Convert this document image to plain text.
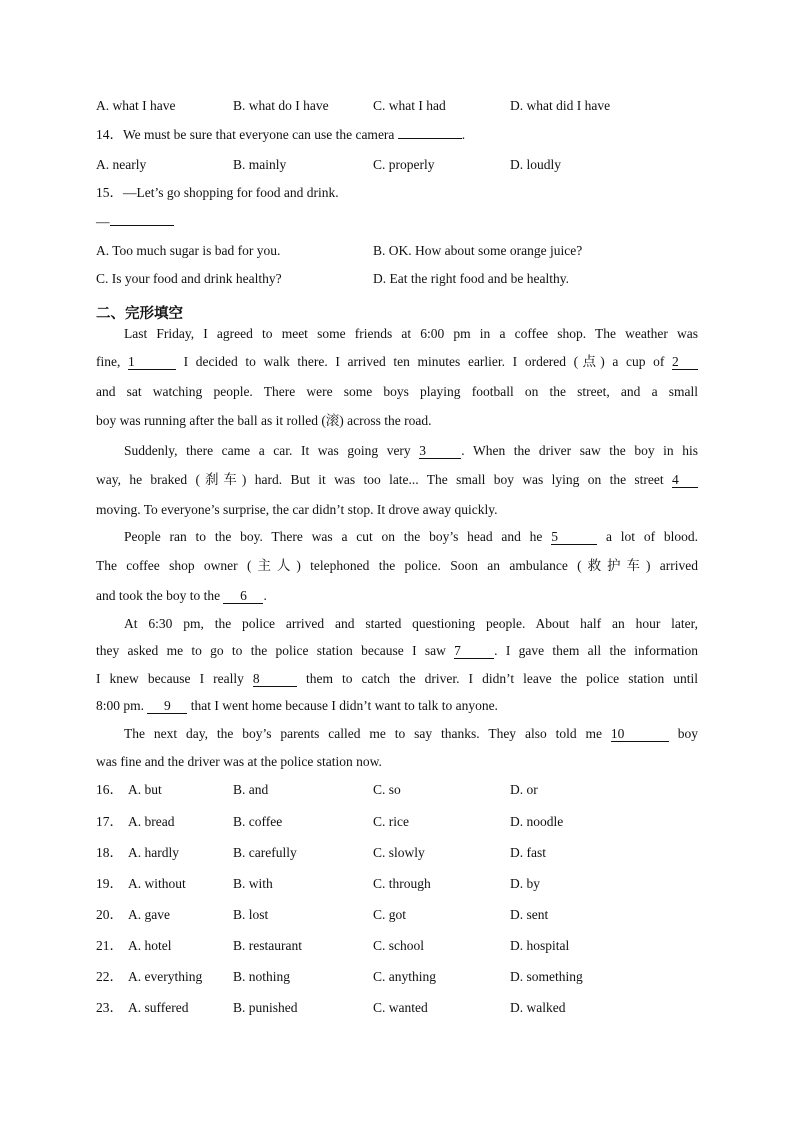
A. what I have	B. what do I have	C. what I had	D. what did I have
14．We must be sure that everyone can use the camera	.
A. nearly	B. mainly	C. properly	D. loudly
15．—Let’s go shopping for food and drink.
—
A. Too much sugar is bad for you.	B. OK. How about some orange juice?
C. Is your food and drink healthy?	D. Eat the right food and be healthy.
二、完形填空
Last Friday, I agreed to meet some friends at 6:00 pm in a coffee shop. The weather was
fine, 1	I decided to walk there. I arrived ten minutes earlier. I ordered (点) a cup of 2
and sat watching people. There were some boys playing football on the street, and a small
boy was running after the ball as it rolled (滚) across the road.
Suddenly, there came a car. It was going very 3	. When the driver saw the boy in his
way, he braked (刹车) hard. But it was too late... The small boy was lying on the street 4
moving. To everyone’s surprise, the car didn’t stop. It drove away quickly.
People ran to the boy. There was a cut on the boy’s head and he 5	a lot of blood.
The coffee shop owner (主人) telephoned the police. Soon an ambulance (救护车) arrived
and took the boy to the 6 .
At 6:30 pm, the police arrived and started questioning people. About half an hour later,
they asked me to go to the police station because I saw 7 . I gave them all the information
I knew because I really 8	them to catch the driver. I didn’t leave the police station until
8:00 pm. 9 that I went home because I didn’t want to talk to anyone.
The next day, the boy’s parents called me to say thanks. They also told me 10	boy
was fine and the driver was at the police station now.
16． A. but	B. and	C. so	D. or
17． A. bread	B. coffee	C. rice	D. noodle
18． A. hardly	B. carefully	C. slowly	D. fast
19． A. without	B. with	C. through	D. by
20． A. gave	B. lost	C. got	D. sent
21． A. hotel	B. restaurant	C. school	D. hospital
22． A. everything B. nothing	C. anything	D. something
23． A. suffered	B. punished	C. wanted	D. walked
